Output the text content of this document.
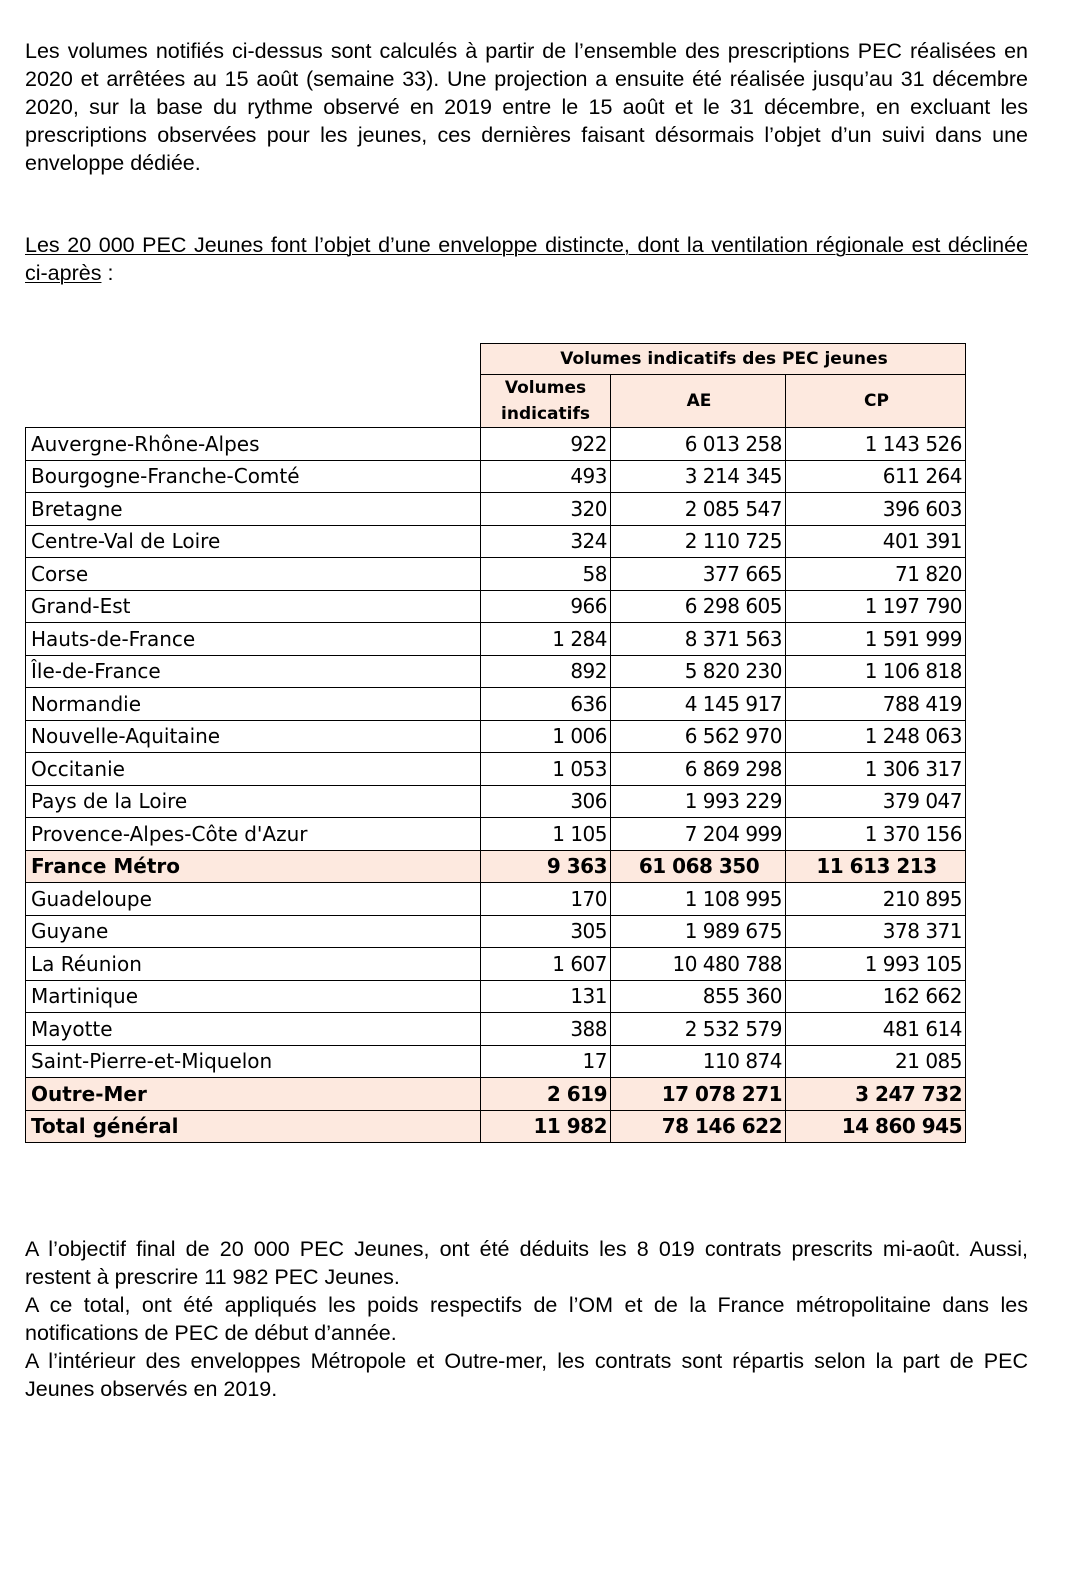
Les volumes notifiés ci-dessus sont calculés à partir de l’ensemble des prescriptions PEC réalisées en 2020 et arrêtées au 15 août (semaine 33). Une projection a ensuite été réalisée jusqu’au 31 décembre 2020, sur la base du rythme observé en 2019 entre le 15 août et le 31 décembre, en excluant les prescriptions observées pour les jeunes, ces dernières faisant désormais l’objet d’un suivi dans une enveloppe dédiée.

Les 20 000 PEC Jeunes font l’objet d’une enveloppe distincte, dont la ventilation régionale est déclinée ci-après :

	Volumes indicatifs des PEC jeunes		
	Volumes indicatifs	AE	CP
Auvergne-Rhône-Alpes	922	6 013 258	1 143 526
Bourgogne-Franche-Comté	493	3 214 345	611 264
Bretagne	320	2 085 547	396 603
Centre-Val de Loire	324	2 110 725	401 391
Corse	58	377 665	71 820
Grand-Est	966	6 298 605	1 197 790
Hauts-de-France	1 284	8 371 563	1 591 999
Île-de-France	892	5 820 230	1 106 818
Normandie	636	4 145 917	788 419
Nouvelle-Aquitaine	1 006	6 562 970	1 248 063
Occitanie	1 053	6 869 298	1 306 317
Pays de la Loire	306	1 993 229	379 047
Provence-Alpes-Côte d'Azur	1 105	7 204 999	1 370 156
France Métro	9 363	61 068 350	11 613 213
Guadeloupe	170	1 108 995	210 895
Guyane	305	1 989 675	378 371
La Réunion	1 607	10 480 788	1 993 105
Martinique	131	855 360	162 662
Mayotte	388	2 532 579	481 614
Saint-Pierre-et-Miquelon	17	110 874	21 085
Outre-Mer	2 619	17 078 271	3 247 732
Total général	11 982	78 146 622	14 860 945
A l’objectif final de 20 000 PEC Jeunes, ont été déduits les 8 019 contrats prescrits mi-août. Aussi, restent à prescrire 11 982 PEC Jeunes.
A ce total, ont été appliqués les poids respectifs de l’OM et de la France métropolitaine dans les notifications de PEC de début d’année.
A l’intérieur des enveloppes Métropole et Outre-mer, les contrats sont répartis selon la part de PEC Jeunes observés en 2019.
